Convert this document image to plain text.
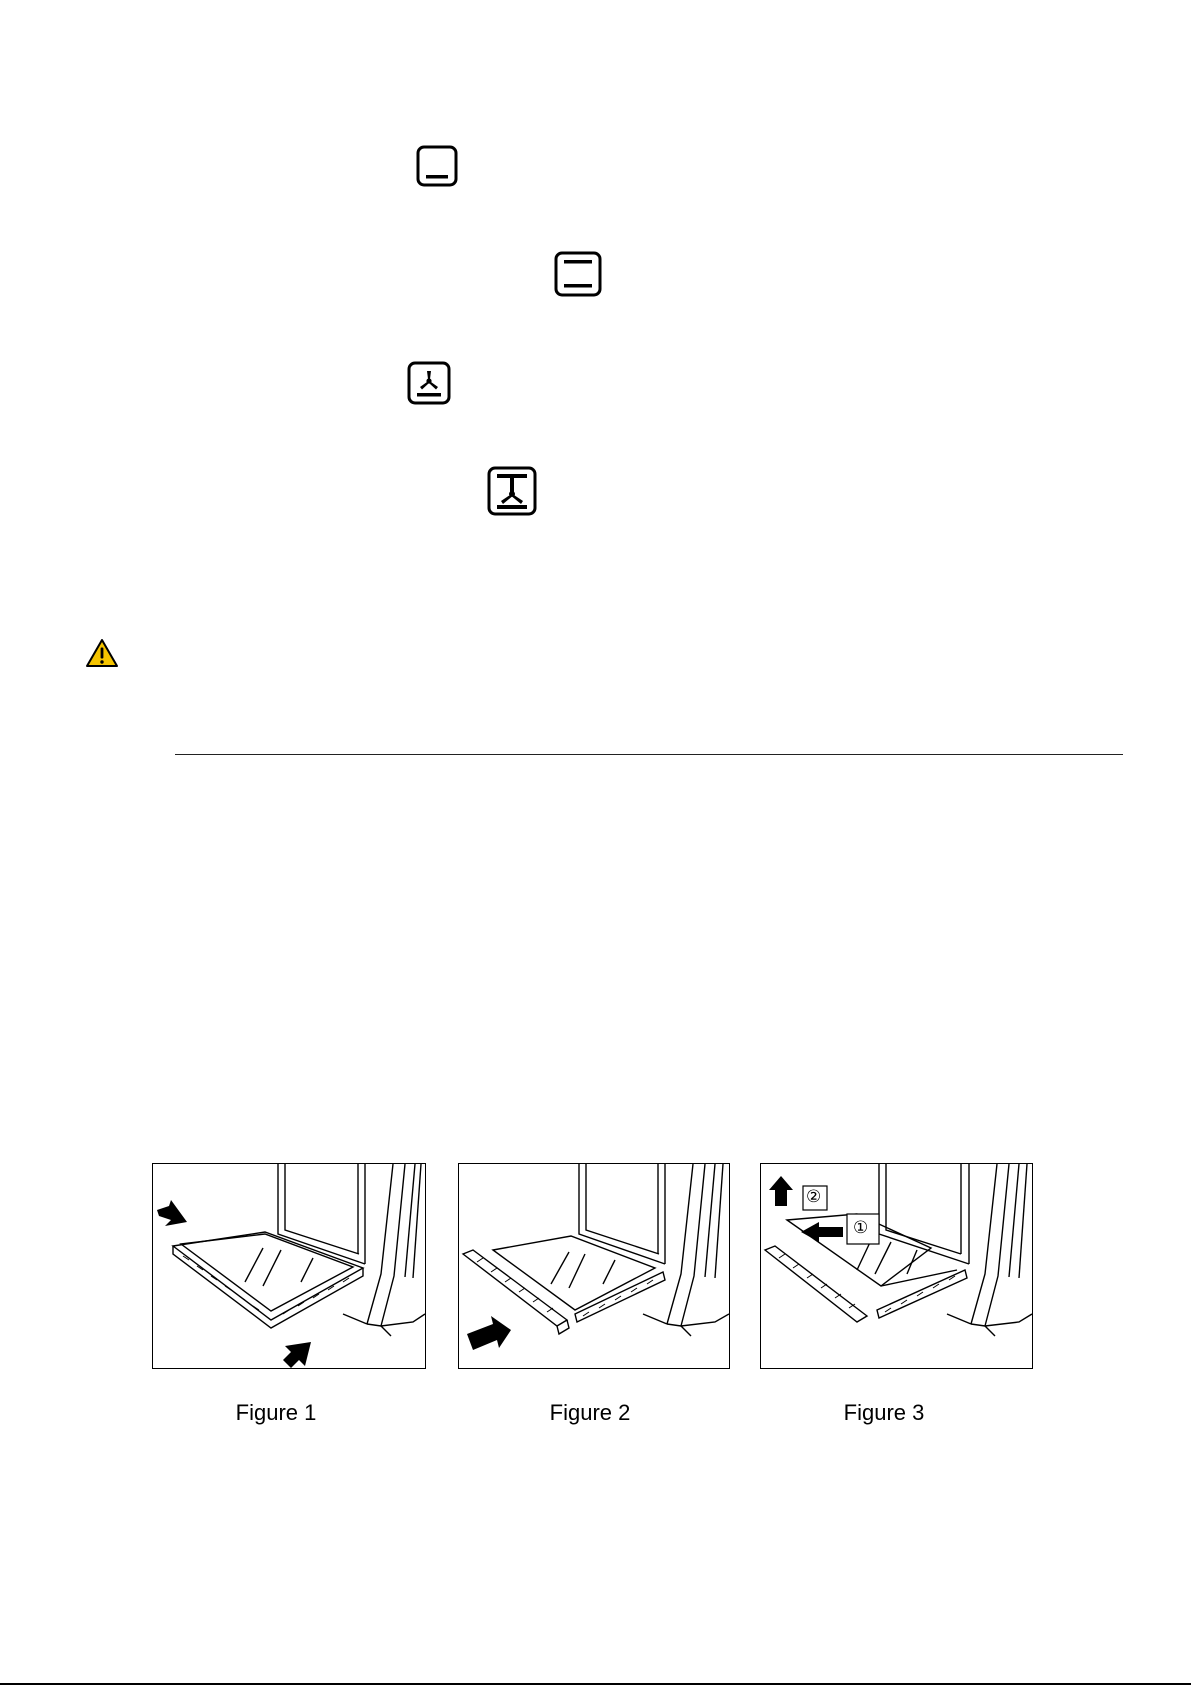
Figure 1	Figure 2
②
①
Figure 3
